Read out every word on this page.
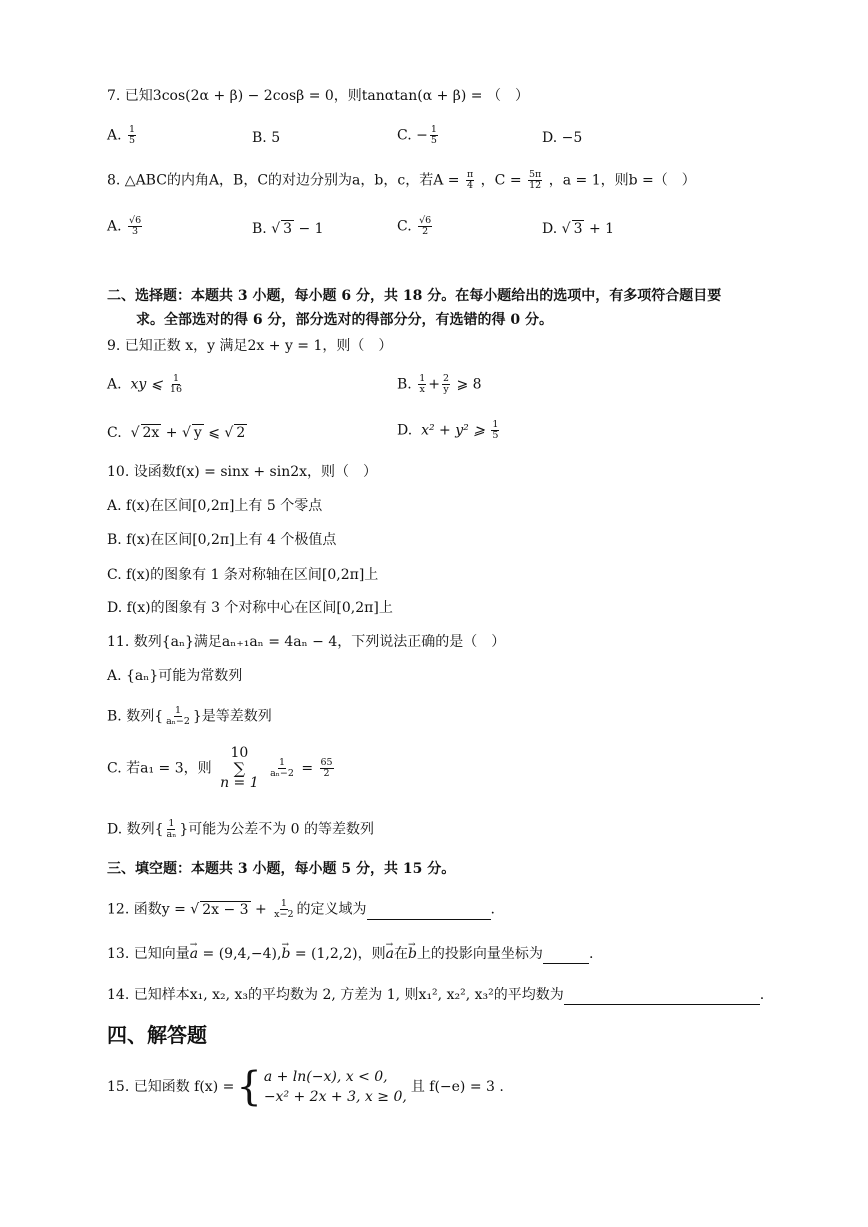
7. 已知3cos(2α + β) − 2cosβ = 0，则tanαtan(α + β) = （　）
A. $\frac{1}{5}$	B. 5	C. − $\frac{1}{5}$	D. −5
8. △ABC的内角A，B，C的对边分别为a，b，c，若$A = \frac{\pi}{4}$ ，$C = \frac{5\pi}{12}$ ，a = 1，则b =（　）
A. $\frac{√6}{3}$	B. √ 3 − 1	C. $\frac{√6}{2}$	D. √ 3 + 1
二、选择题：本题共 3 小题，每小题 6 分，共 18 分。在每小题给出的选项中，有多项符合题目要
求。全部选对的得 6 分，部分选对的得部分分，有选错的得 0 分。
9. 已知正数 x，y 满足2x + y = 1，则（　）
A. xy ⩽ $\frac{1}{16}$	B. $\frac{1}{x} + \frac{2}{y}$ ⩾ 8
C.  √ 2x + √ y ⩽ √ 2	D. x² + y² ⩾ $\frac{1}{5}$
10. 设函数f(x) = sinx + sin2x，则（　）
A. f(x)在区间[0,2π]上有 5 个零点
B. f(x)在区间[0,2π]上有 4 个极值点
C. f(x)的图象有 1 条对称轴在区间[0,2π]上
D. f(x)的图象有 3 个对称中心在区间[0,2π]上
11. 数列{aₙ}满足aₙ₊₁aₙ = 4aₙ − 4，下列说法正确的是（　）
A. {aₙ}可能为常数列
B. 数列{ $\frac{1}{\text{aₙ−2}}$ }是等差数列
C. 若a₁ = 3，则
10
∑
n = 1

$\frac{1}{\text{aₙ−2}} = \frac{65}{2}$
D. 数列{ $\frac{1}{\text{aₙ}}$ }可能为公差不为 0 的等差数列
三、填空题：本题共 3 小题，每小题 5 分，共 15 分。
12. 函数y = √ $2x - 3 + \frac{1}{x-2}$ 的定义域为	.
13. 已知向量→ a = (9,4,−4),→ b = (1,2,2)，则→ a在→ b上的投影向量坐标为	.
14. 已知样本x₁, x₂, x₃的平均数为 2, 方差为 1, 则x₁², x₂², x₃²的平均数为	.
四、解答题
15. 已知函数 f(x) = { a + ln(−x), x < 0,
−x² + 2x + 3, x ≥ 0,
且 f(−e) = 3 .
